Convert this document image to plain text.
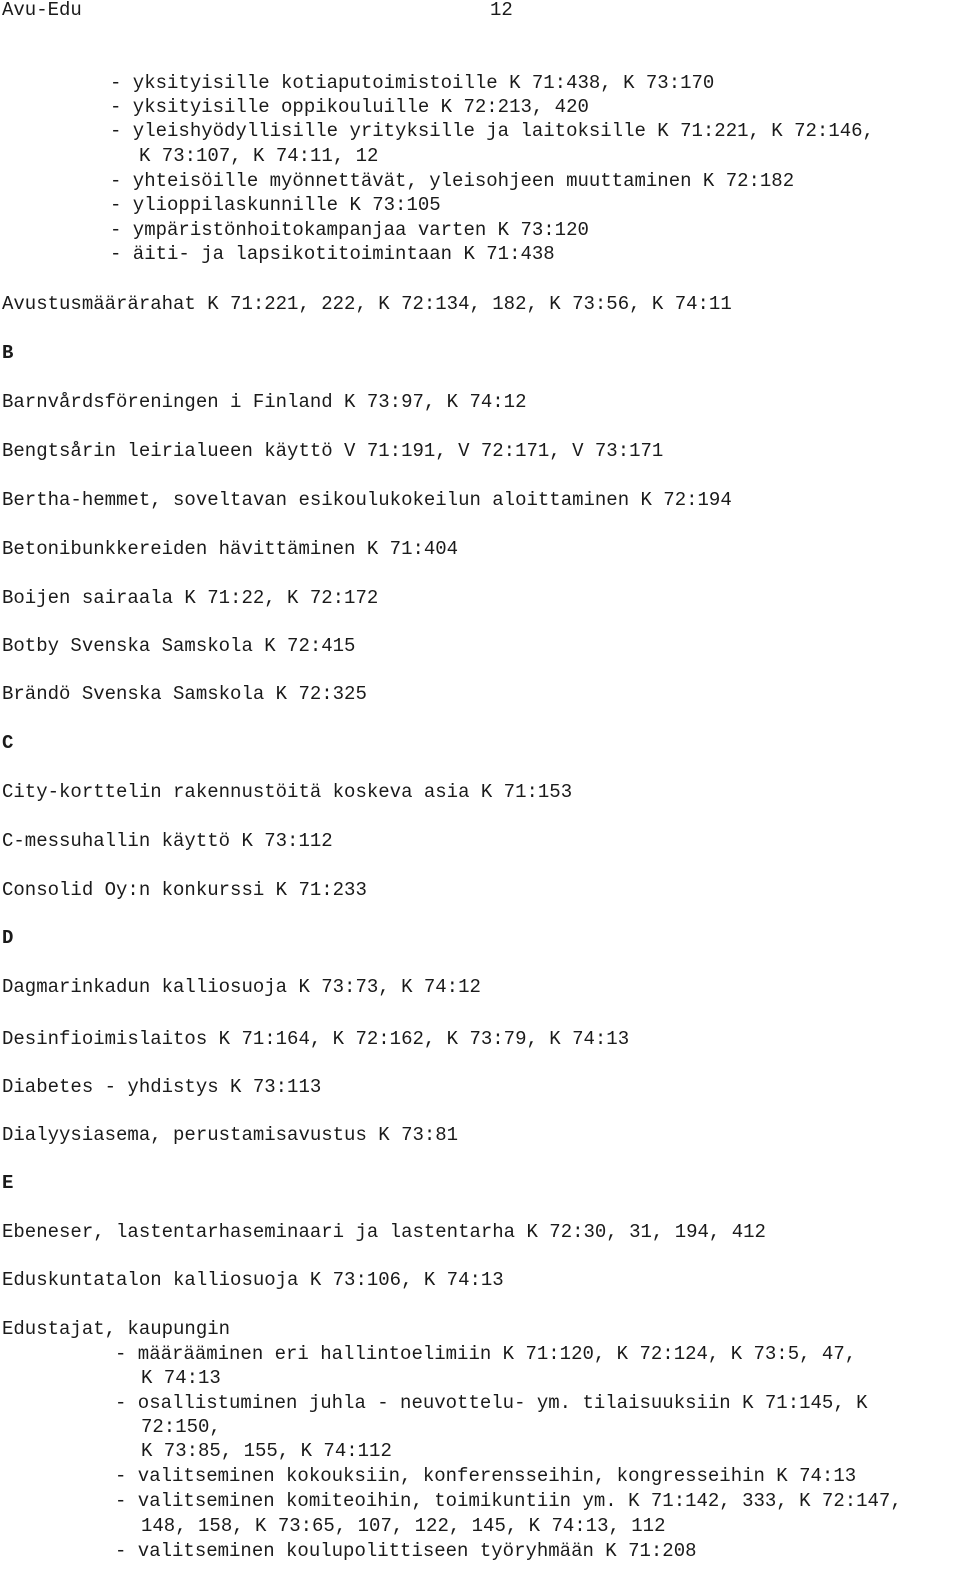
Avu-Edu	12
- yksityisille kotiaputoimistoille K 71:438, K 73:170
- yksityisille oppikouluille K 72:213, 420
- yleishyödyllisille yrityksille ja laitoksille K 71:221, K 72:146,
K 73:107, K 74:11, 12
- yhteisöille myönnettävät, yleisohjeen muuttaminen K 72:182
- ylioppilaskunnille K 73:105
- ympäristönhoitokampanjaa varten K 73:120
- äiti- ja lapsikotitoimintaan K 71:438
Avustusmäärärahat K 71:221, 222, K 72:134, 182, K 73:56, K 74:11
B
Barnvårdsföreningen i Finland K 73:97, K 74:12
Bengtsårin leirialueen käyttö V 71:191, V 72:171, V 73:171
Bertha-hemmet, soveltavan esikoulukokeilun aloittaminen K 72:194
Betonibunkkereiden hävittäminen K 71:404
Boijen sairaala K 71:22, K 72:172
Botby Svenska Samskola K 72:415
Brändö Svenska Samskola K 72:325
C
City-korttelin rakennustöitä koskeva asia K 71:153
C-messuhallin käyttö K 73:112
Consolid Oy:n konkurssi K 71:233
D
Dagmarinkadun kalliosuoja K 73:73, K 74:12
Desinfioimislaitos K 71:164, K 72:162, K 73:79, K 74:13
Diabetes - yhdistys K 73:113
Dialyysiasema, perustamisavustus K 73:81
E
Ebeneser, lastentarhaseminaari ja lastentarha K 72:30, 31, 194, 412
Eduskuntatalon kalliosuoja K 73:106, K 74:13
Edustajat, kaupungin
- määrääminen eri hallintoelimiin K 71:120, K 72:124, K 73:5, 47,
K 74:13
- osallistuminen juhla - neuvottelu- ym. tilaisuuksiin K 71:145, K
72:150,
K 73:85, 155, K 74:112
- valitseminen kokouksiin, konferensseihin, kongresseihin K 74:13
- valitseminen komiteoihin, toimikuntiin ym. K 71:142, 333, K 72:147,
148, 158, K 73:65, 107, 122, 145, K 74:13, 112
- valitseminen koulupolittiseen työryhmään K 71:208
